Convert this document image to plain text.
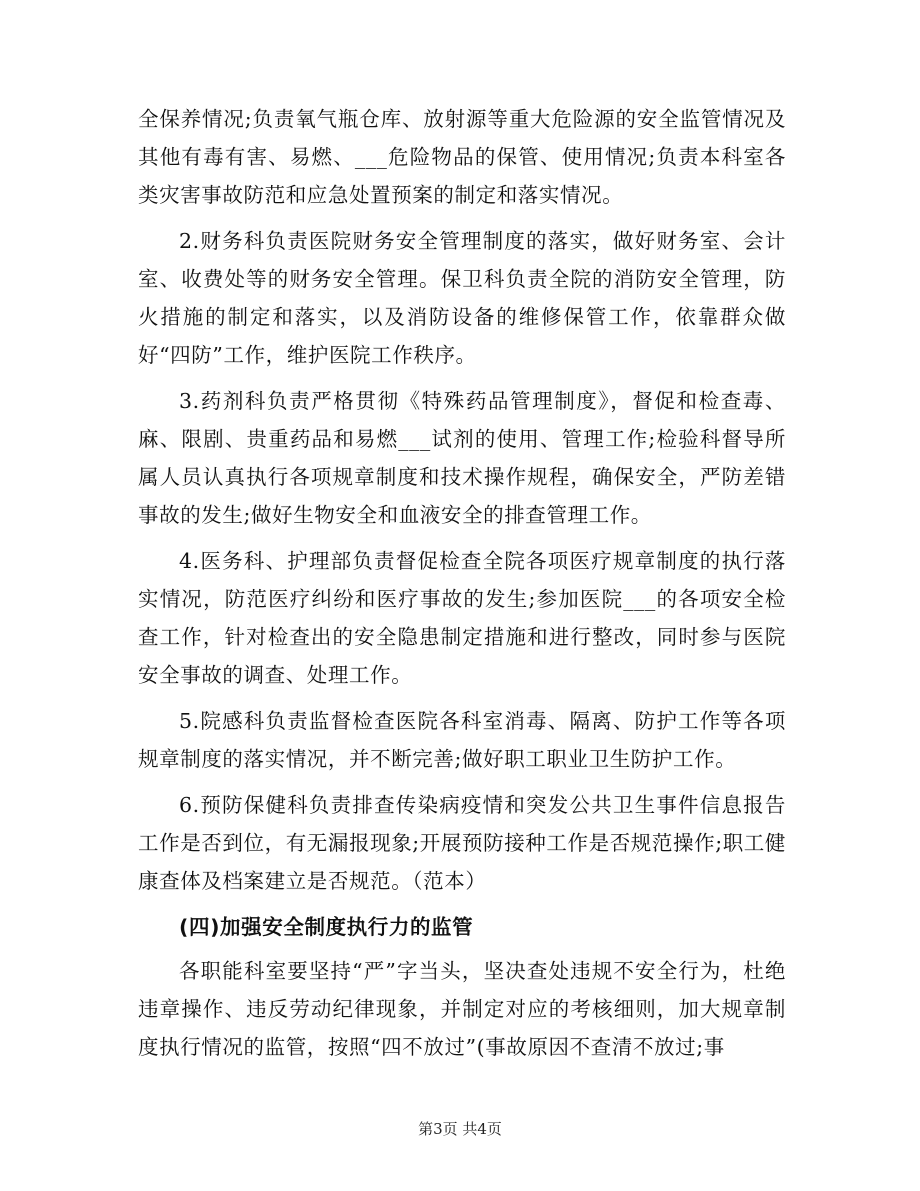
全保养情况;负责氧气瓶仓库、放射源等重大危险源的安全监管情况及其他有毒有害、易燃、___危险物品的保管、使用情况;负责本科室各类灾害事故防范和应急处置预案的制定和落实情况。

2.财务科负责医院财务安全管理制度的落实，做好财务室、会计室、收费处等的财务安全管理。保卫科负责全院的消防安全管理，防火措施的制定和落实，以及消防设备的维修保管工作，依靠群众做好“四防”工作，维护医院工作秩序。

3.药剂科负责严格贯彻《特殊药品管理制度》，督促和检查毒、麻、限剧、贵重药品和易燃___试剂的使用、管理工作;检验科督导所属人员认真执行各项规章制度和技术操作规程，确保安全，严防差错事故的发生;做好生物安全和血液安全的排查管理工作。

4.医务科、护理部负责督促检查全院各项医疗规章制度的执行落实情况，防范医疗纠纷和医疗事故的发生;参加医院___的各项安全检查工作，针对检查出的安全隐患制定措施和进行整改，同时参与医院安全事故的调查、处理工作。

5.院感科负责监督检查医院各科室消毒、隔离、防护工作等各项规章制度的落实情况，并不断完善;做好职工职业卫生防护工作。

6.预防保健科负责排查传染病疫情和突发公共卫生事件信息报告工作是否到位，有无漏报现象;开展预防接种工作是否规范操作;职工健康查体及档案建立是否规范。（范本）

(四)加强安全制度执行力的监管

各职能科室要坚持“严”字当头，坚决查处违规不安全行为，杜绝违章操作、违反劳动纪律现象，并制定对应的考核细则，加大规章制度执行情况的监管，按照“四不放过”(事故原因不查清不放过;事

第3页 共4页
